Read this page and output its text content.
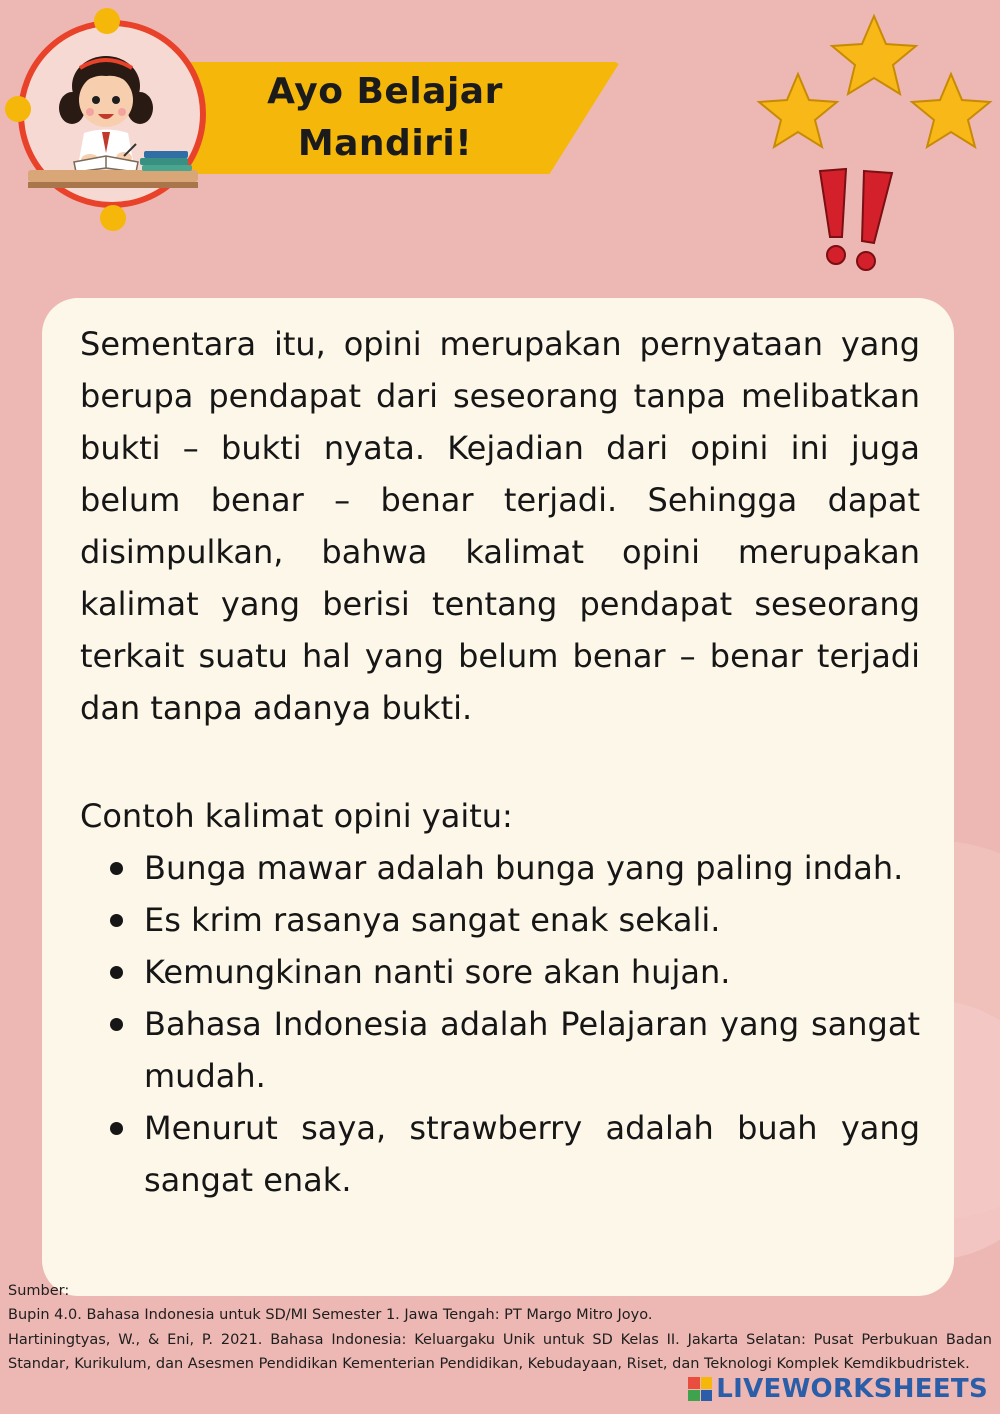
Ayo Belajar
Mandiri!

Sementara itu, opini merupakan pernyataan yang berupa pendapat dari seseorang tanpa melibatkan bukti – bukti nyata. Kejadian dari opini ini juga belum benar – benar terjadi. Sehingga dapat disimpulkan, bahwa kalimat opini merupakan kalimat yang berisi tentang pendapat seseorang terkait suatu hal yang belum benar – benar terjadi dan tanpa adanya bukti.

Contoh kalimat opini yaitu:

Bunga mawar adalah bunga yang paling indah.
Es krim rasanya sangat enak sekali.
Kemungkinan nanti sore akan hujan.
Bahasa Indonesia adalah Pelajaran yang sangat mudah.
Menurut saya, strawberry adalah buah yang sangat enak.

Sumber:

Bupin 4.0. Bahasa Indonesia untuk SD/MI Semester 1. Jawa Tengah: PT Margo Mitro Joyo.

Hartiningtyas, W., & Eni, P. 2021. Bahasa Indonesia: Keluargaku Unik untuk SD Kelas II. Jakarta Selatan: Pusat Perbukuan Badan Standar, Kurikulum, dan Asesmen Pendidikan Kementerian Pendidikan, Kebudayaan, Riset, dan Teknologi Komplek Kemdikbudristek.

LIVEWORKSHEETS
